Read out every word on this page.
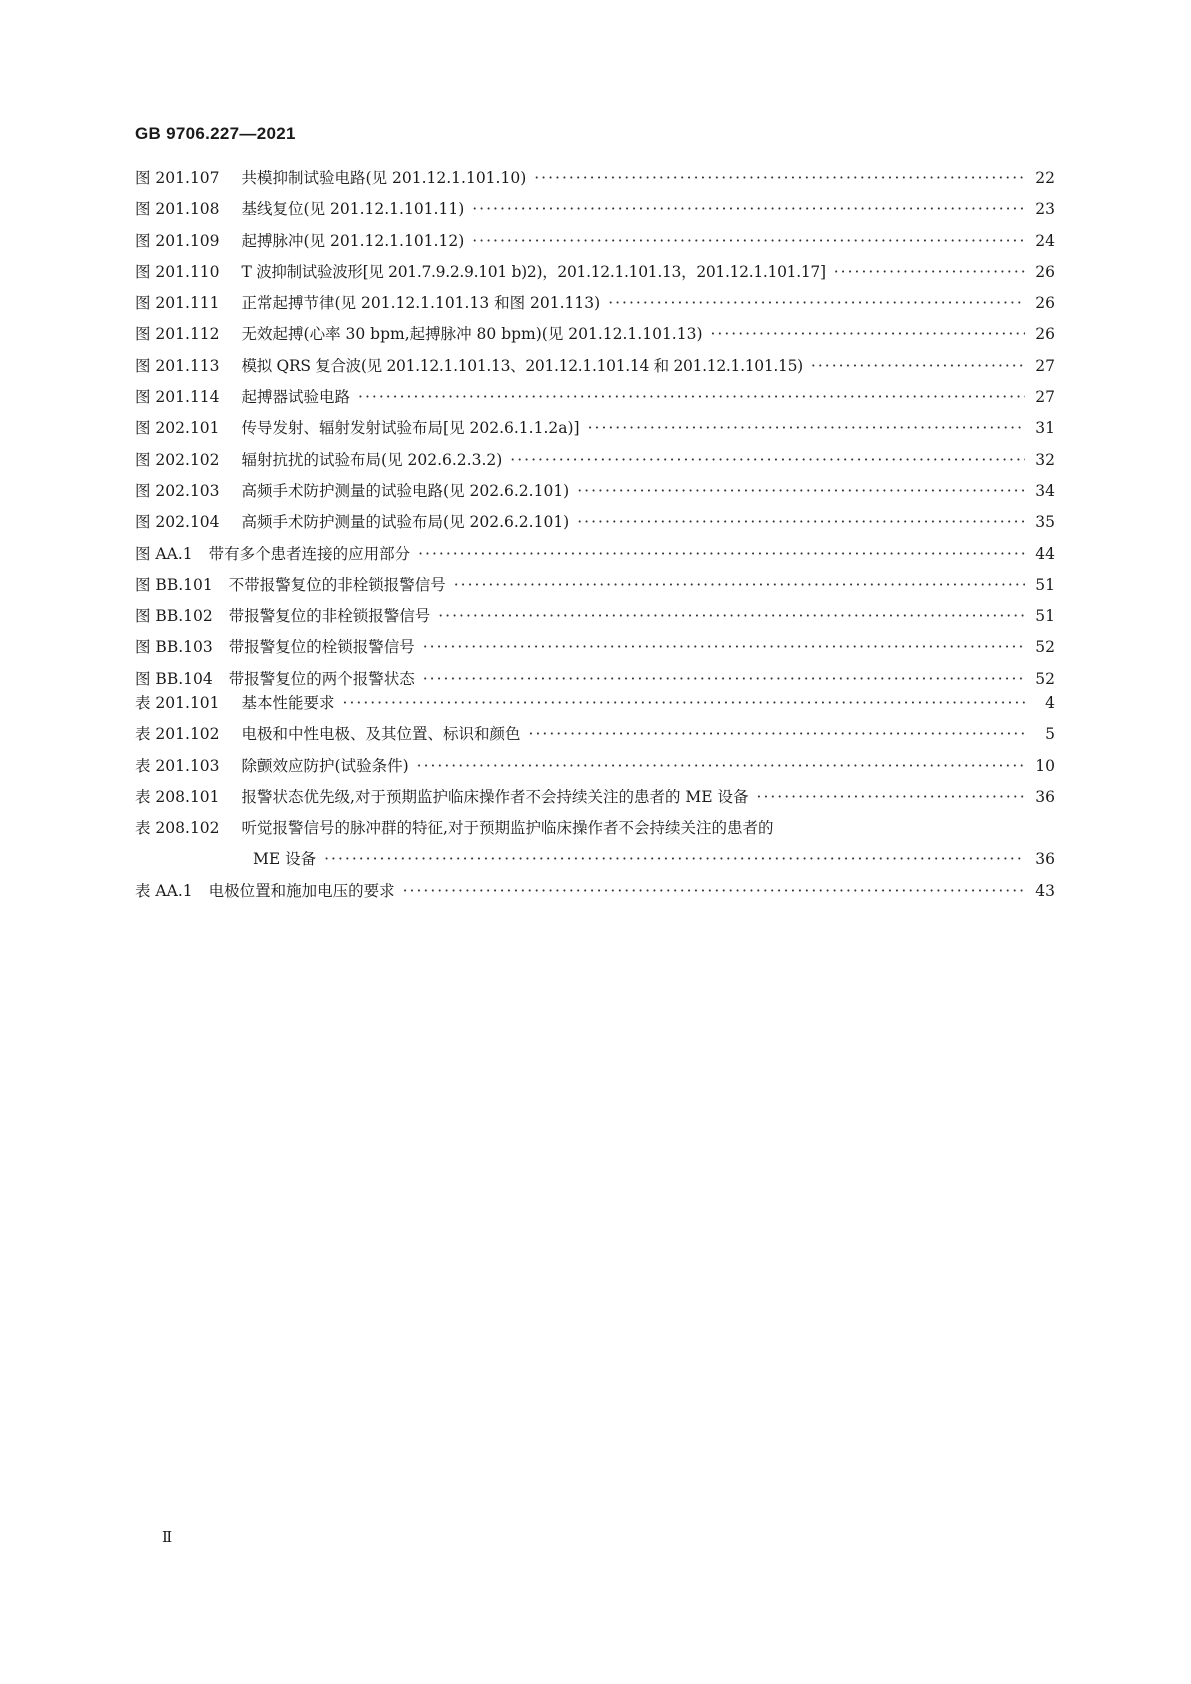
GB 9706.227—2021
图 201.107	共模抑制试验电路(见 201.12.1.101.10) ·····	22
图 201.108	基线复位(见 201.12.1.101.11) ·····	23
图 201.109	起搏脉冲(见 201.12.1.101.12) ·····	24
图 201.110	T 波抑制试验波形[见 201.7.9.2.9.101 b)2)，201.12.1.101.13，201.12.1.101.17] ·····	26
图 201.111	正常起搏节律(见 201.12.1.101.13 和图 201.113) ·····	26
图 201.112	无效起搏(心率 30 bpm,起搏脉冲 80 bpm)(见 201.12.1.101.13) ·····	26
图 201.113	模拟 QRS 复合波(见 201.12.1.101.13、201.12.1.101.14 和 201.12.1.101.15) ·····	27
图 201.114	起搏器试验电路 ·····	27
图 202.101	传导发射、辐射发射试验布局[见 202.6.1.1.2a)] ·····	31
图 202.102	辐射抗扰的试验布局(见 202.6.2.3.2) ·····	32
图 202.103	高频手术防护测量的试验电路(见 202.6.2.101) ·····	34
图 202.104	高频手术防护测量的试验布局(见 202.6.2.101) ·····	35
图 AA.1	带有多个患者连接的应用部分 ·····	44
图 BB.101	不带报警复位的非栓锁报警信号 ·····	51
图 BB.102	带报警复位的非栓锁报警信号 ·····	51
图 BB.103	带报警复位的栓锁报警信号 ·····	52
图 BB.104	带报警复位的两个报警状态 ·····	52
表 201.101	基本性能要求 ·····	4
表 201.102	电极和中性电极、及其位置、标识和颜色 ·····	5
表 201.103	除颤效应防护(试验条件) ·····	10
表 208.101	报警状态优先级,对于预期监护临床操作者不会持续关注的患者的 ME 设备 ·····	36
表 208.102	听觉报警信号的脉冲群的特征,对于预期监护临床操作者不会持续关注的患者的
ME 设备 ·····	36
表 AA.1	电极位置和施加电压的要求 ·····	43
Ⅱ
